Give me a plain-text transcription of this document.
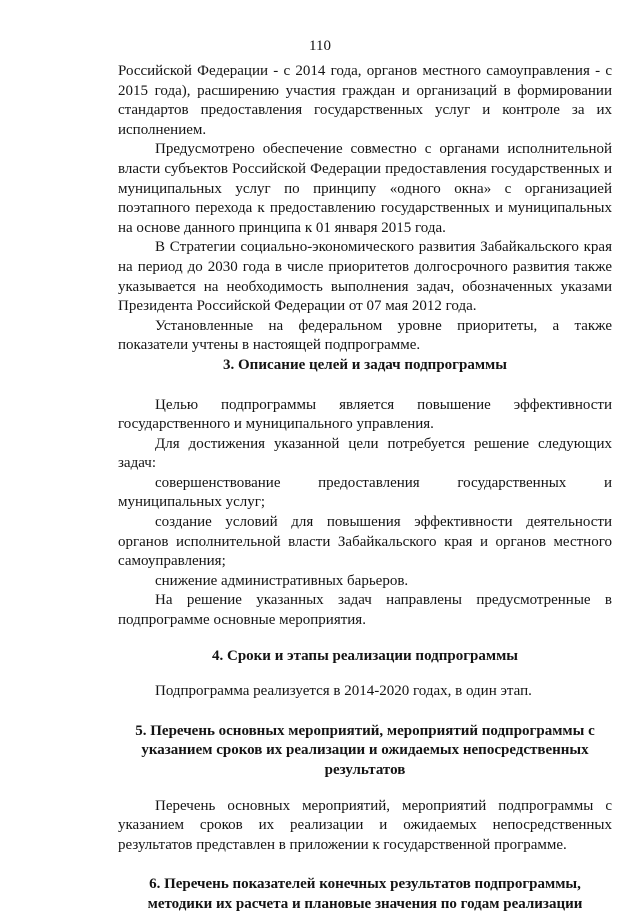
110

Российской Федерации - с 2014 года, органов местного самоуправления - с 2015 года), расширению участия граждан и организаций в формировании стандартов предоставления государственных услуг и контроле за их исполнением.

Предусмотрено обеспечение совместно с органами исполнительной власти субъектов Российской Федерации предоставления государственных и муниципальных услуг по принципу «одного окна» с организацией поэтапного перехода к предоставлению государственных и муниципальных на основе данного принципа к 01 января 2015 года.

В Стратегии социально-экономического развития Забайкальского края на период до 2030 года в числе приоритетов долгосрочного развития также указывается на необходимость выполнения задач, обозначенных указами Президента Российской Федерации от 07 мая 2012 года.

Установленные на федеральном уровне приоритеты, а также показатели учтены в настоящей подпрограмме.

3. Описание целей и задач подпрограммы

Целью подпрограммы является повышение эффективности государственного и муниципального управления.

Для достижения указанной цели потребуется решение следующих задач:

совершенствование предоставления государственных и муниципальных услуг;

создание условий для повышения эффективности деятельности органов исполнительной власти Забайкальского края и органов местного самоуправления;

снижение административных барьеров.

На решение указанных задач направлены предусмотренные в подпрограмме основные мероприятия.

4. Сроки и этапы реализации подпрограммы

Подпрограмма реализуется в 2014-2020 годах, в один этап.

5. Перечень основных мероприятий, мероприятий подпрограммы с
указанием сроков их реализации и ожидаемых непосредственных
результатов

Перечень основных мероприятий, мероприятий подпрограммы с указанием сроков их реализации и ожидаемых непосредственных результатов представлен в приложении к государственной программе.

6. Перечень показателей конечных результатов подпрограммы,
методики их расчета и плановые значения по годам реализации
